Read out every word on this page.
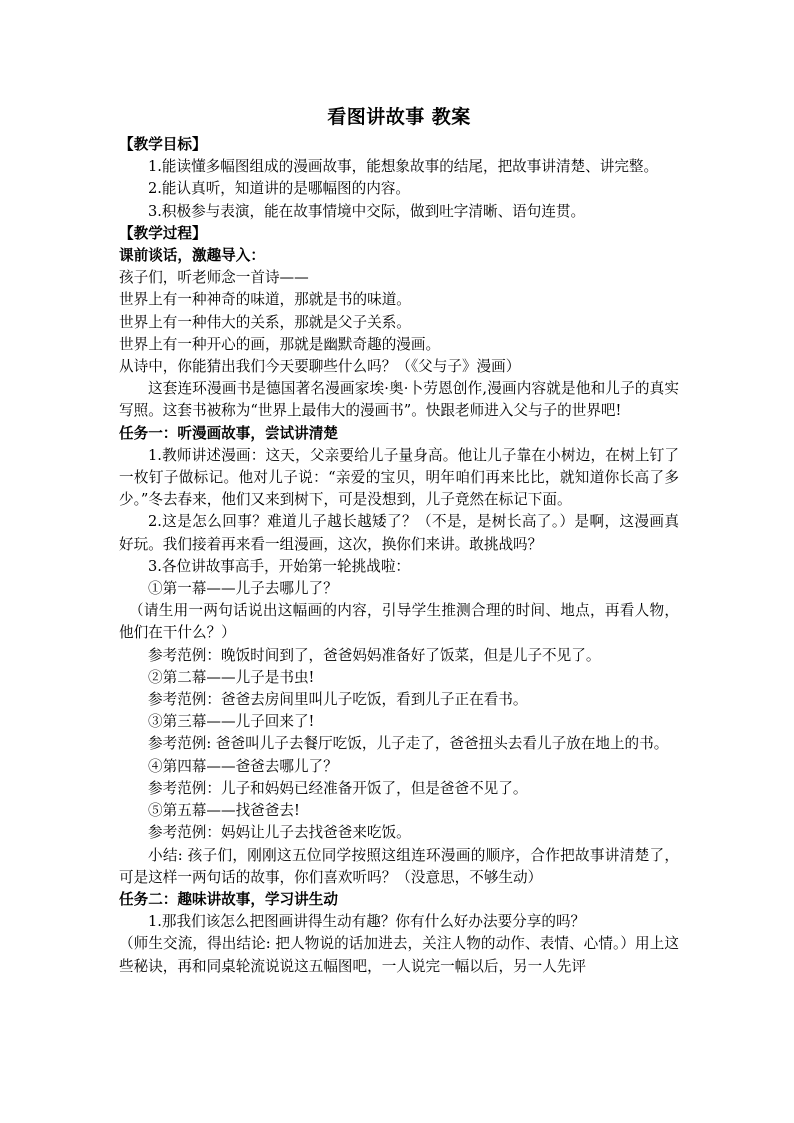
看图讲故事 教案

【教学目标】

1.能读懂多幅图组成的漫画故事，能想象故事的结尾，把故事讲清楚、讲完整。

2.能认真听，知道讲的是哪幅图的内容。

3.积极参与表演，能在故事情境中交际，做到吐字清晰、语句连贯。

【教学过程】

课前谈话，激趣导入：

孩子们，听老师念一首诗——

世界上有一种神奇的味道，那就是书的味道。

世界上有一种伟大的关系，那就是父子关系。

世界上有一种开心的画，那就是幽默奇趣的漫画。

从诗中，你能猜出我们今天要聊些什么吗？（《父与子》漫画）

这套连环漫画书是德国著名漫画家埃·奥·卜劳恩创作,漫画内容就是他和儿子的真实写照。这套书被称为“世界上最伟大的漫画书”。快跟老师进入父与子的世界吧!

任务一：听漫画故事，尝试讲清楚

1.教师讲述漫画：这天，父亲要给儿子量身高。他让儿子靠在小树边，在树上钉了一枚钉子做标记。他对儿子说：“亲爱的宝贝，明年咱们再来比比，就知道你长高了多少。”冬去春来，他们又来到树下，可是没想到，儿子竟然在标记下面。

2.这是怎么回事？难道儿子越长越矮了？（不是，是树长高了。）是啊，这漫画真好玩。我们接着再来看一组漫画，这次，换你们来讲。敢挑战吗？

3.各位讲故事高手，开始第一轮挑战啦：

①第一幕——儿子去哪儿了？

（请生用一两句话说出这幅画的内容，引导学生推测合理的时间、地点，再看人物，他们在干什么？）

参考范例：晚饭时间到了，爸爸妈妈准备好了饭菜，但是儿子不见了。

②第二幕——儿子是书虫!

参考范例：爸爸去房间里叫儿子吃饭，看到儿子正在看书。

③第三幕——儿子回来了!

参考范例: 爸爸叫儿子去餐厅吃饭，儿子走了，爸爸扭头去看儿子放在地上的书。

④第四幕——爸爸去哪儿了？

参考范例：儿子和妈妈已经准备开饭了，但是爸爸不见了。

⑤第五幕——找爸爸去!

参考范例：妈妈让儿子去找爸爸来吃饭。

小结: 孩子们，刚刚这五位同学按照这组连环漫画的顺序，合作把故事讲清楚了，可是这样一两句话的故事，你们喜欢听吗？（没意思，不够生动）

任务二：趣味讲故事，学习讲生动

1.那我们该怎么把图画讲得生动有趣？你有什么好办法要分享的吗？

（师生交流，得出结论: 把人物说的话加进去，关注人物的动作、表情、心情。）用上这些秘诀，再和同桌轮流说说这五幅图吧，一人说完一幅以后，另一人先评
